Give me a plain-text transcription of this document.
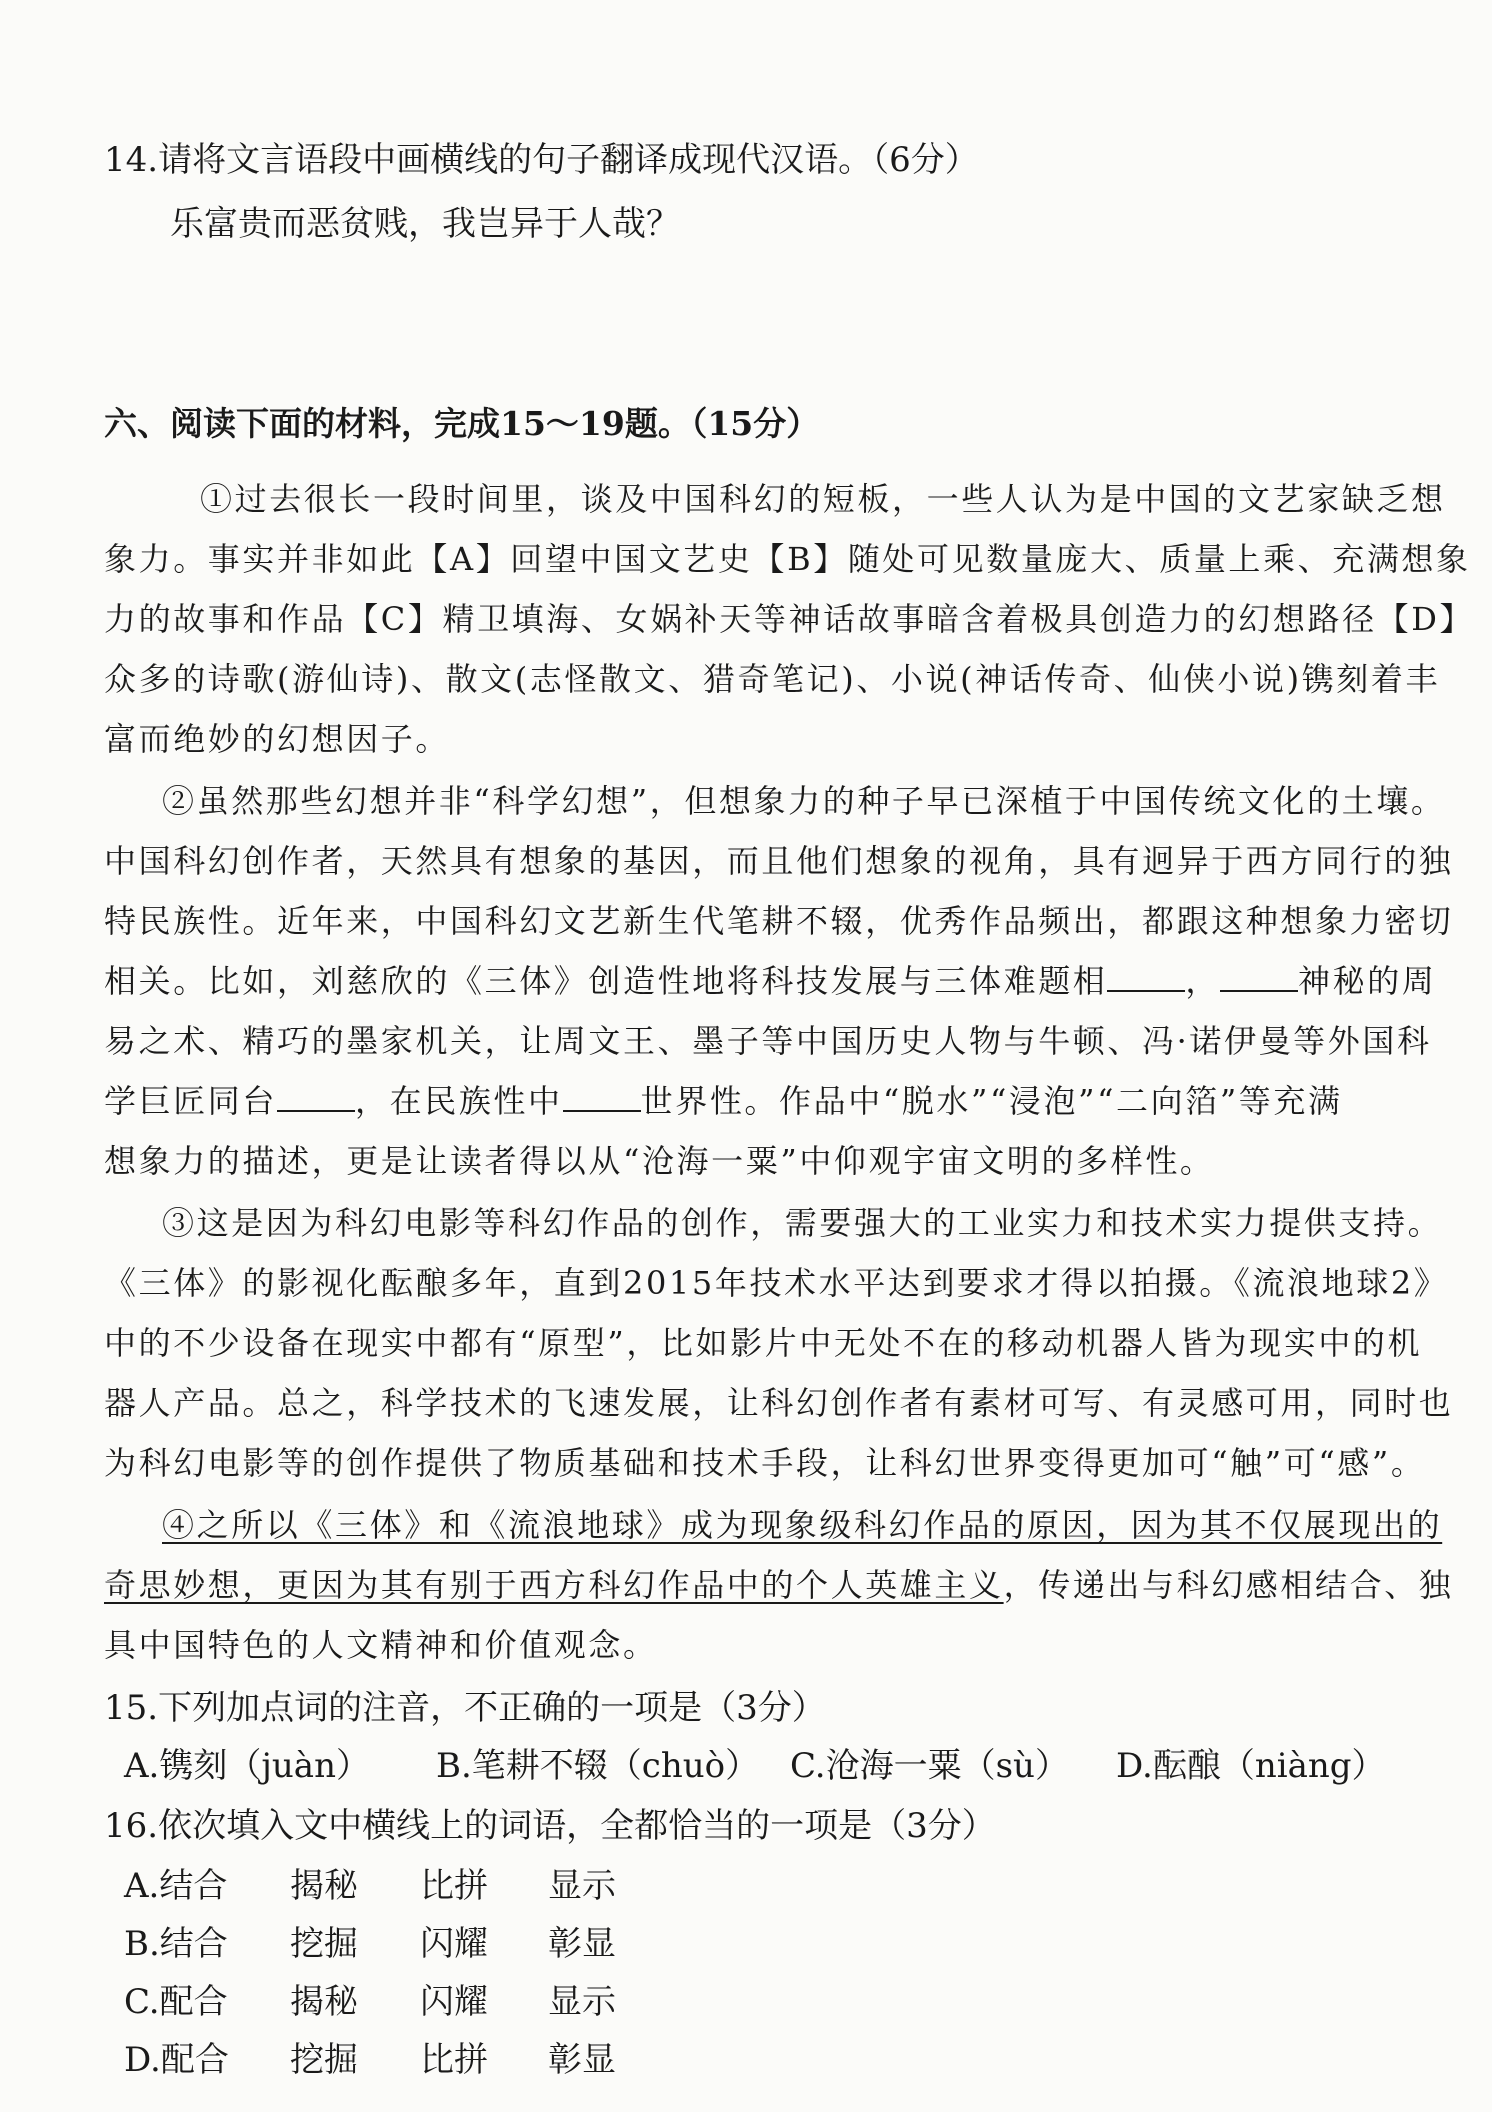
14.请将文言语段中画横线的句子翻译成现代汉语。（6分）
乐富贵而恶贫贱，我岂异于人哉？
六、阅读下面的材料，完成15～19题。（15分）
①过去很长一段时间里，谈及中国科幻的短板，一些人认为是中国的文艺家缺乏想
象力。事实并非如此【A】回望中国文艺史【B】随处可见数量庞大、质量上乘、充满想象
力的故事和作品【C】精卫填海、女娲补天等神话故事暗含着极具创造力的幻想路径【D】
众多的诗歌(游仙诗)、散文(志怪散文、猎奇笔记)、小说(神话传奇、仙侠小说)镌刻着丰
富而绝妙的幻想因子。
②虽然那些幻想并非“科学幻想”，但想象力的种子早已深植于中国传统文化的土壤。
中国科幻创作者，天然具有想象的基因，而且他们想象的视角，具有迥异于西方同行的独
特民族性。近年来，中国科幻文艺新生代笔耕不辍，优秀作品频出，都跟这种想象力密切
相关。比如，刘慈欣的《三体》创造性地将科技发展与三体难题相 ， 神秘的周
易之术、精巧的墨家机关，让周文王、墨子等中国历史人物与牛顿、冯·诺伊曼等外国科
学巨匠同台 ，在民族性中 世界性。作品中“脱水”“浸泡”“二向箔”等充满
想象力的描述，更是让读者得以从“沧海一粟”中仰观宇宙文明的多样性。
③这是因为科幻电影等科幻作品的创作，需要强大的工业实力和技术实力提供支持。
《三体》的影视化酝酿多年，直到2015年技术水平达到要求才得以拍摄。《流浪地球2》
中的不少设备在现实中都有“原型”，比如影片中无处不在的移动机器人皆为现实中的机
器人产品。总之，科学技术的飞速发展，让科幻创作者有素材可写、有灵感可用，同时也
为科幻电影等的创作提供了物质基础和技术手段，让科幻世界变得更加可“触”可“感”。
④之所以《三体》和《流浪地球》成为现象级科幻作品的原因，因为其不仅展现出的
奇思妙想，更因为其有别于西方科幻作品中的个人英雄主义，传递出与科幻感相结合、独
具中国特色的人文精神和价值观念。
15.下列加点词的注音，不正确的一项是（3分）
A.镌刻（juàn） B.笔耕不辍（chuò） C.沧海一粟（sù） D.酝酿（niàng）
16.依次填入文中横线上的词语，全都恰当的一项是（3分）
A.结合 揭秘 比拼 显示
B.结合 挖掘 闪耀 彰显
C.配合 揭秘 闪耀 显示
D.配合 挖掘 比拼 彰显
